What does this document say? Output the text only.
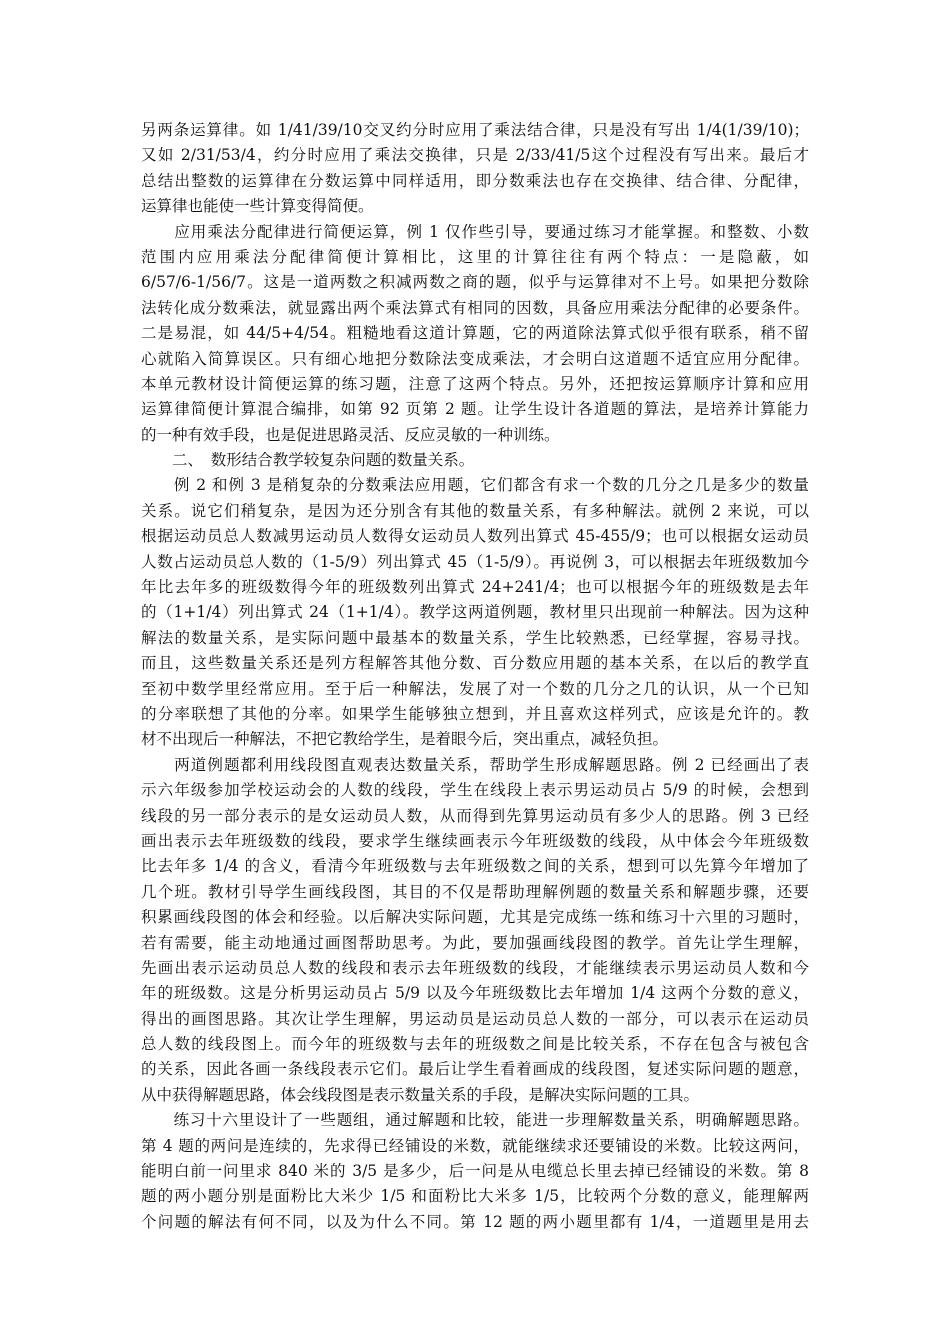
另两条运算律。如 1/41/39/10交叉约分时应用了乘法结合律，只是没有写出 1/4(1/39/10)；
又如 2/31/53/4，约分时应用了乘法交换律，只是 2/33/41/5这个过程没有写出来。最后才
总结出整数的运算律在分数运算中同样适用，即分数乘法也存在交换律、结合律、分配律，
运算律也能使一些计算变得简便。
　　应用乘法分配律进行简便运算，例 1 仅作些引导，要通过练习才能掌握。和整数、小数
范围内应用乘法分配律简便计算相比，这里的计算往往有两个特点：一是隐蔽，如
6/57/6-1/56/7。这是一道两数之积减两数之商的题，似乎与运算律对不上号。如果把分数除
法转化成分数乘法，就显露出两个乘法算式有相同的因数，具备应用乘法分配律的必要条件。
二是易混，如 44/5+4/54。粗糙地看这道计算题，它的两道除法算式似乎很有联系，稍不留
心就陷入简算误区。只有细心地把分数除法变成乘法，才会明白这道题不适宜应用分配律。
本单元教材设计简便运算的练习题，注意了这两个特点。另外，还把按运算顺序计算和应用
运算律简便计算混合编排，如第 92 页第 2 题。让学生设计各道题的算法，是培养计算能力
的一种有效手段，也是促进思路灵活、反应灵敏的一种训练。
　　二、　数形结合教学较复杂问题的数量关系。
　　例 2 和例 3 是稍复杂的分数乘法应用题，它们都含有求一个数的几分之几是多少的数量
关系。说它们稍复杂，是因为还分别含有其他的数量关系，有多种解法。就例 2 来说，可以
根据运动员总人数减男运动员人数得女运动员人数列出算式 45-455/9；也可以根据女运动员
人数占运动员总人数的（1-5/9）列出算式 45（1-5/9）。再说例 3，可以根据去年班级数加今
年比去年多的班级数得今年的班级数列出算式 24+241/4；也可以根据今年的班级数是去年
的（1+1/4）列出算式 24（1+1/4）。教学这两道例题，教材里只出现前一种解法。因为这种
解法的数量关系，是实际问题中最基本的数量关系，学生比较熟悉，已经掌握，容易寻找。
而且，这些数量关系还是列方程解答其他分数、百分数应用题的基本关系，在以后的教学直
至初中数学里经常应用。至于后一种解法，发展了对一个数的几分之几的认识，从一个已知
的分率联想了其他的分率。如果学生能够独立想到，并且喜欢这样列式，应该是允许的。教
材不出现后一种解法，不把它教给学生，是着眼今后，突出重点，减轻负担。
　　两道例题都利用线段图直观表达数量关系，帮助学生形成解题思路。例 2 已经画出了表
示六年级参加学校运动会的人数的线段，学生在线段上表示男运动员占 5/9 的时候，会想到
线段的另一部分表示的是女运动员人数，从而得到先算男运动员有多少人的思路。例 3 已经
画出表示去年班级数的线段，要求学生继续画表示今年班级数的线段，从中体会今年班级数
比去年多 1/4 的含义，看清今年班级数与去年班级数之间的关系，想到可以先算今年增加了
几个班。教材引导学生画线段图，其目的不仅是帮助理解例题的数量关系和解题步骤，还要
积累画线段图的体会和经验。以后解决实际问题，尤其是完成练一练和练习十六里的习题时，
若有需要，能主动地通过画图帮助思考。为此，要加强画线段图的教学。首先让学生理解，
先画出表示运动员总人数的线段和表示去年班级数的线段，才能继续表示男运动员人数和今
年的班级数。这是分析男运动员占 5/9 以及今年班级数比去年增加 1/4 这两个分数的意义，
得出的画图思路。其次让学生理解，男运动员是运动员总人数的一部分，可以表示在运动员
总人数的线段图上。而今年的班级数与去年的班级数之间是比较关系，不存在包含与被包含
的关系，因此各画一条线段表示它们。最后让学生看着画成的线段图，复述实际问题的题意，
从中获得解题思路，体会线段图是表示数量关系的手段，是解决实际问题的工具。
　　练习十六里设计了一些题组，通过解题和比较，能进一步理解数量关系，明确解题思路。
第 4 题的两问是连续的，先求得已经铺设的米数，就能继续求还要铺设的米数。比较这两问，
能明白前一问里求 840 米的 3/5 是多少，后一问是从电缆总长里去掉已经铺设的米数。第 8
题的两小题分别是面粉比大米少 1/5 和面粉比大米多 1/5，比较两个分数的意义，能理解两
个问题的解法有何不同，以及为什么不同。第 12 题的两小题里都有 1/4，一道题里是用去
